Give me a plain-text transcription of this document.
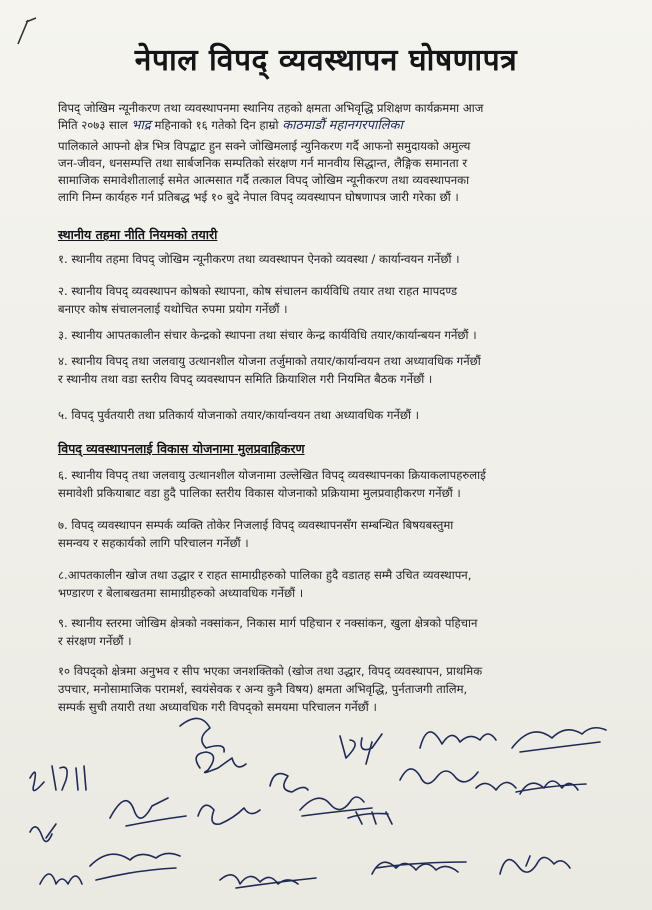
नेपाल विपद् व्यवस्थापन घोषणापत्र
विपद् जोखिम न्यूनीकरण तथा व्यवस्थापनमा स्थानिय तहको क्षमता अभिवृद्धि प्रशिक्षण कार्यक्रममा आज
मिति २०७३ साल भाद्र महिनाको १६ गतेको दिन हाम्रो काठमाडौं महानगरपालिका
पालिकाले आफ्नो क्षेत्र भित्र विपद्बाट हुन सक्ने जोखिमलाई न्युनिकरण गर्दै आफनो समुदायको अमुल्य
जन-जीवन, धनसम्पत्ति तथा सार्बजनिक सम्पतिको संरक्षण गर्न मानवीय सिद्धान्त, लैङ्गिक समानता र
सामाजिक समावेशीतालाई समेत आत्मसात गर्दै तत्काल विपद् जोखिम न्यूनीकरण तथा व्यवस्थापनका
लागि निम्न कार्यहरु गर्न प्रतिबद्ध भई १० बुदे नेपाल विपद् व्यवस्थापन घोषणापत्र जारी गरेका छौं ।
स्थानीय तहमा नीति नियमको तयारी
१. स्थानीय तहमा विपद् जोखिम न्यूनीकरण तथा व्यवस्थापन ऐनको व्यवस्था / कार्यान्वयन गर्नेछौं ।
२. स्थानीय विपद् व्यवस्थापन कोषको स्थापना, कोष संचालन कार्यविधि तयार तथा राहत मापदण्ड
बनाएर कोष संचालनलाई यथोचित रुपमा प्रयोग गर्नेछौं ।
३. स्थानीय आपतकालीन संचार केन्द्रको स्थापना तथा संचार केन्द्र कार्यविधि तयार/कार्यान्बयन गर्नेछौं ।
४. स्थानीय विपद् तथा जलवायु उत्थानशील योजना तर्जुमाको तयार/कार्यान्वयन तथा अध्यावधिक गर्नेछौं
र स्थानीय तथा वडा स्तरीय विपद् व्यवस्थापन समिति क्रियाशिल गरी नियमित बैठक गर्नेछौं ।
५. विपद् पुर्वतयारी तथा प्रतिकार्य योजनाको तयार/कार्यान्वयन तथा अध्यावधिक गर्नेछौं ।
विपद् व्यवस्थापनलाई विकास योजनामा मुलप्रवाहिकरण
६. स्थानीय विपद् तथा जलवायु उत्थानशील योजनामा उल्लेखित विपद् व्यवस्थापनका क्रियाकलापहरुलाई
समावेशी प्रकियाबाट वडा हुदै पालिका स्तरीय विकास योजनाको प्रक्रियामा मुलप्रवाहीकरण गर्नेछौं ।
७. विपद् व्यवस्थापन सम्पर्क व्यक्ति तोकेर निजलाई विपद् व्यवस्थापनसँग सम्बन्धित बिषयबस्तुमा
समन्वय र सहकार्यको लागि परिचालन गर्नेछौं ।
८.आपतकालीन खोज तथा उद्धार र राहत सामाग्रीहरुको पालिका हुदै वडातह सम्मै उचित व्यवस्थापन,
भण्डारण र बेलाबखतमा सामाग्रीहरुको अध्यावधिक गर्नेछौं ।
९. स्थानीय स्तरमा जोखिम क्षेत्रको नक्सांकन, निकास मार्ग पहिचान र नक्सांकन, खुला क्षेत्रको पहिचान
र संरक्षण गर्नेछौं ।
१० विपद्को क्षेत्रमा अनुभव र सीप भएका जनशक्तिको (खोज तथा उद्धार, विपद् व्यवस्थापन, प्राथमिक
उपचार, मनोसामाजिक परामर्श, स्वयंसेवक र अन्य कुनै विषय) क्षमता अभिवृद्धि, पुर्नताजगी तालिम,
सम्पर्क सुची तयारी तथा अध्यावधिक गरी विपद्को समयमा परिचालन गर्नेछौं ।
